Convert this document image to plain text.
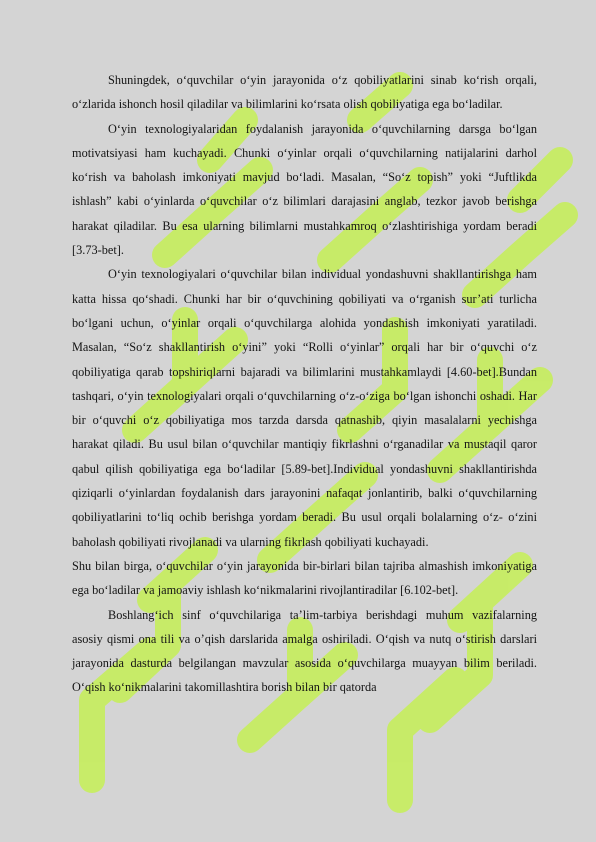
Shuningdek, o‘quvchilar o‘yin jarayonida o‘z qobiliyatlarini sinab ko‘rish orqali, o‘zlarida ishonch hosil qiladilar va bilimlarini ko‘rsata olish qobiliyatiga ega bo‘ladilar.

O‘yin texnologiyalaridan foydalanish jarayonida o‘quvchilarning darsga bo‘lgan motivatsiyasi ham kuchayadi. Chunki o‘yinlar orqali o‘quvchilarning natijalarini darhol ko‘rish va baholash imkoniyati mavjud bo‘ladi. Masalan, “So‘z topish” yoki “Juftlikda ishlash” kabi o‘yinlarda o‘quvchilar o‘z bilimlari darajasini anglab, tezkor javob berishga harakat qiladilar. Bu esa ularning bilimlarni mustahkamroq o‘zlashtirishiga yordam beradi [3.73-bet].

O‘yin texnologiyalari o‘quvchilar bilan individual yondashuvni shakllantirishga ham katta hissa qo‘shadi. Chunki har bir o‘quvchining qobiliyati va o‘rganish sur’ati turlicha bo‘lgani uchun, o‘yinlar orqali o‘quvchilarga alohida yondashish imkoniyati yaratiladi. Masalan, “So‘z shakllantirish o‘yini” yoki “Rolli o‘yinlar” orqali har bir o‘quvchi o‘z qobiliyatiga qarab topshiriqlarni bajaradi va bilimlarini mustahkamlaydi [4.60-bet].Bundan tashqari, o‘yin texnologiyalari orqali o‘quvchilarning o‘z-o‘ziga bo‘lgan ishonchi oshadi. Har bir o‘quvchi o‘z qobiliyatiga mos tarzda darsda qatnashib, qiyin masalalarni yechishga harakat qiladi. Bu usul bilan o‘quvchilar mantiqiy fikrlashni o‘rganadilar va mustaqil qaror qabul qilish qobiliyatiga ega bo‘ladilar [5.89-bet].Individual yondashuvni shakllantirishda qiziqarli o‘yinlardan foydalanish dars jarayonini nafaqat jonlantirib, balki o‘quvchilarning qobiliyatlarini to‘liq ochib berishga yordam beradi. Bu usul orqali bolalarning o‘z- o‘zini baholash qobiliyati rivojlanadi va ularning fikrlash qobiliyati kuchayadi.

Shu bilan birga, o‘quvchilar o‘yin jarayonida bir-birlari bilan tajriba almashish imkoniyatiga ega bo‘ladilar va jamoaviy ishlash ko‘nikmalarini rivojlantiradilar [6.102-bet].

Boshlang‘ich sinf o‘quvchilariga ta’lim-tarbiya berishdagi muhum vazifalarning asosiy qismi ona tili va o’qish darslarida amalga oshiriladi. O‘qish va nutq o‘stirish darslari jarayonida dasturda belgilangan mavzular asosida o‘quvchilarga muayyan bilim beriladi. O‘qish ko‘nikmalarini takomillashtira borish bilan bir qatorda
